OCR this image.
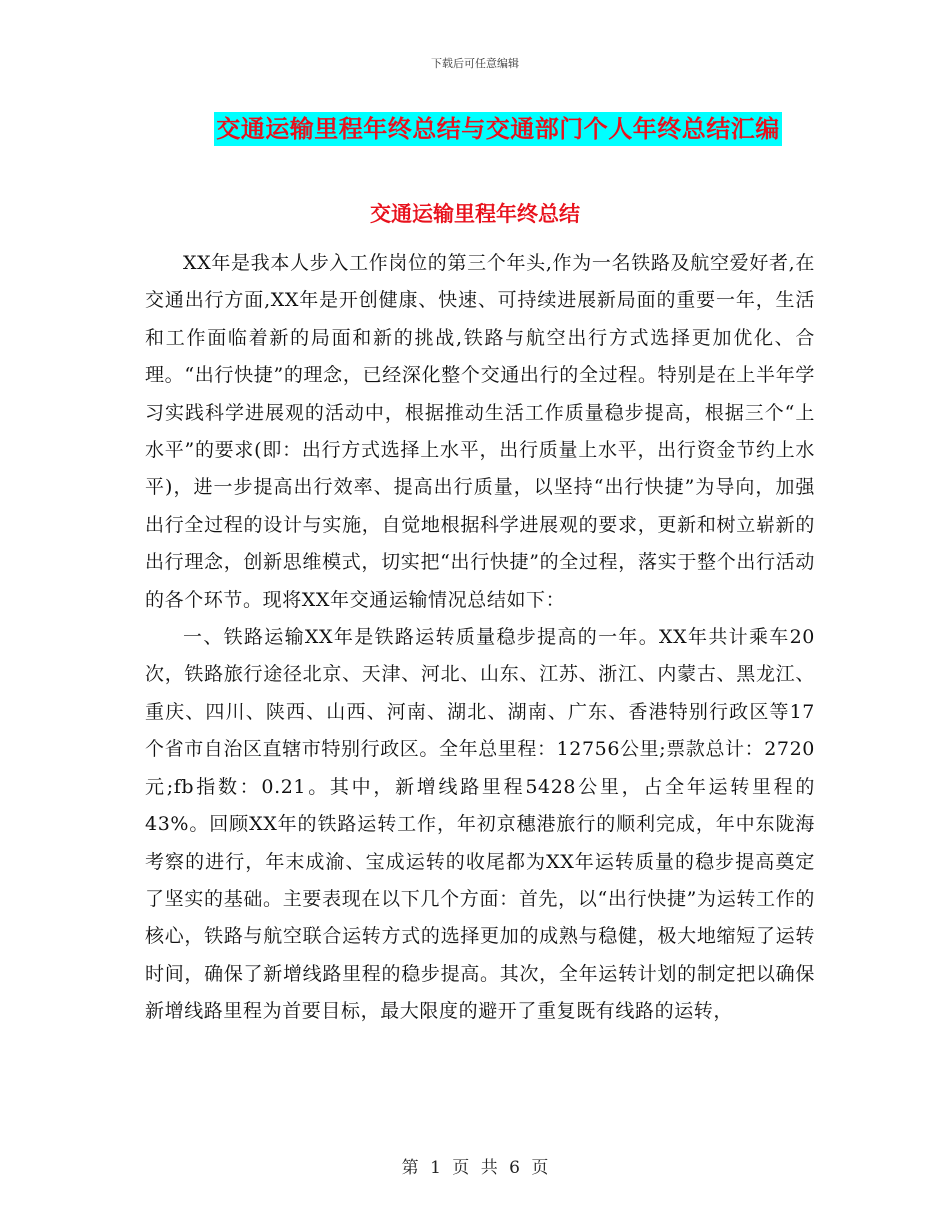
下载后可任意编辑
交通运输里程年终总结与交通部门个人年终总结汇编
交通运输里程年终总结

XX年是我本人步入工作岗位的第三个年头,作为一名铁路及航空爱好者,在交通出行方面,XX年是开创健康、快速、可持续进展新局面的重要一年，生活和工作面临着新的局面和新的挑战,铁路与航空出行方式选择更加优化、合理。“出行快捷”的理念，已经深化整个交通出行的全过程。特别是在上半年学习实践科学进展观的活动中，根据推动生活工作质量稳步提高，根据三个“上水平”的要求(即：出行方式选择上水平，出行质量上水平，出行资金节约上水平)，进一步提高出行效率、提高出行质量，以坚持“出行快捷”为导向，加强出行全过程的设计与实施，自觉地根据科学进展观的要求，更新和树立崭新的出行理念，创新思维模式，切实把“出行快捷”的全过程，落实于整个出行活动的各个环节。现将XX年交通运输情况总结如下：

一、铁路运输XX年是铁路运转质量稳步提高的一年。XX年共计乘车20次，铁路旅行途径北京、天津、河北、山东、江苏、浙江、内蒙古、黑龙江、重庆、四川、陕西、山西、河南、湖北、湖南、广东、香港特别行政区等17个省市自治区直辖市特别行政区。全年总里程：12756公里;票款总计：2720元;fb指数：0.21。其中，新增线路里程5428公里，占全年运转里程的43%。回顾XX年的铁路运转工作，年初京穗港旅行的顺利完成，年中东陇海考察的进行，年末成渝、宝成运转的收尾都为XX年运转质量的稳步提高奠定了坚实的基础。主要表现在以下几个方面：首先，以“出行快捷”为运转工作的核心，铁路与航空联合运转方式的选择更加的成熟与稳健，极大地缩短了运转时间，确保了新增线路里程的稳步提高。其次，全年运转计划的制定把以确保新增线路里程为首要目标，最大限度的避开了重复既有线路的运转，

第 1 页 共 6 页
